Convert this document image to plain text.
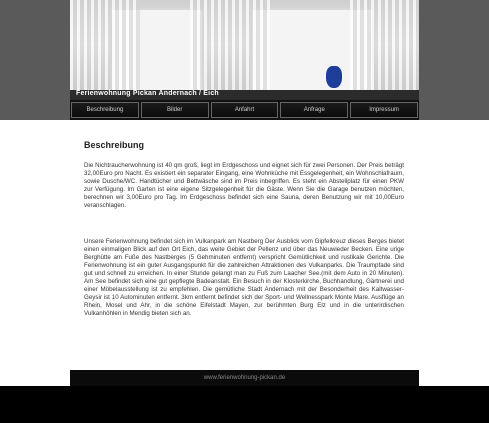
Ferienwohnung Pickan Andernach / Eich
Beschreibung	Bilder	Anfahrt	Anfrage	Impressum
Beschreibung

Die Nichtraucherwohnung ist 40 qm groß, liegt im Erdgeschoss und eignet sich für zwei Personen. Der Preis beträgt 32,00Euro pro Nacht. Es existiert ein separater Eingang, eine Wohnküche mit Essgelegenheit, ein Wohnschlafraum, sowie Dusche/WC. Handtücher und Bettwäsche sind im Preis inbegriffen. Es steht ein Abstellplatz für einen PKW zur Verfügung. Im Garten ist eine eigene Sitzgelegenheit für die Gäste. Wenn Sie die Garage benutzen möchten, berechnen wir 3,00Euro pro Tag. Im Erdgeschoss befindet sich eine Sauna, deren Benutzung wir mit 10,00Euro veranschlagen.

Unsere Ferienwohnung befindet sich im Vulkanpark am Nastberg Der Ausblick vom Gipfelkreuz dieses Berges bietet einen einmaligen Blick auf den Ort Eich, das weite Gebiet der Pellenz und über das Neuwieder Becken. Eine urige Berghütte am Fuße des Nastberges (5 Gehminuten entfernt) verspricht Gemütlichkeit und rustikale Gerichte. Die Ferienwohnung ist ein guter Ausgangspunkt für die zahlreichen Attraktionen des Vulkanparks. Die Traumpfade sind gut und schnell zu erreichen. In einer Stunde gelangt man zu Fuß zum Laacher See.(mit dem Auto in 20 Minuten). Am See befindet sich eine gut gepflegte Badeanstalt. Ein Besuch in der Klosterkirche, Buchhandlung, Gärtnerei und einer Möbelausstellung ist zu empfehlen. Die gemütliche Stadt Andernach mit der Besonderheit des Kaltwasser-Geysir ist 10 Autominuten entfernt. 3km entfernt befindet sich der Sport- und Wellnesspark Monte Mare. Ausflüge an Rhein, Mosel und Ahr, in die schöne Eifelstadt Mayen, zur berühmten Burg Elz und in die unterirdischen Vulkanhöhlen in Mendig bieten sich an.

www.ferienwohnung-pickan.de
